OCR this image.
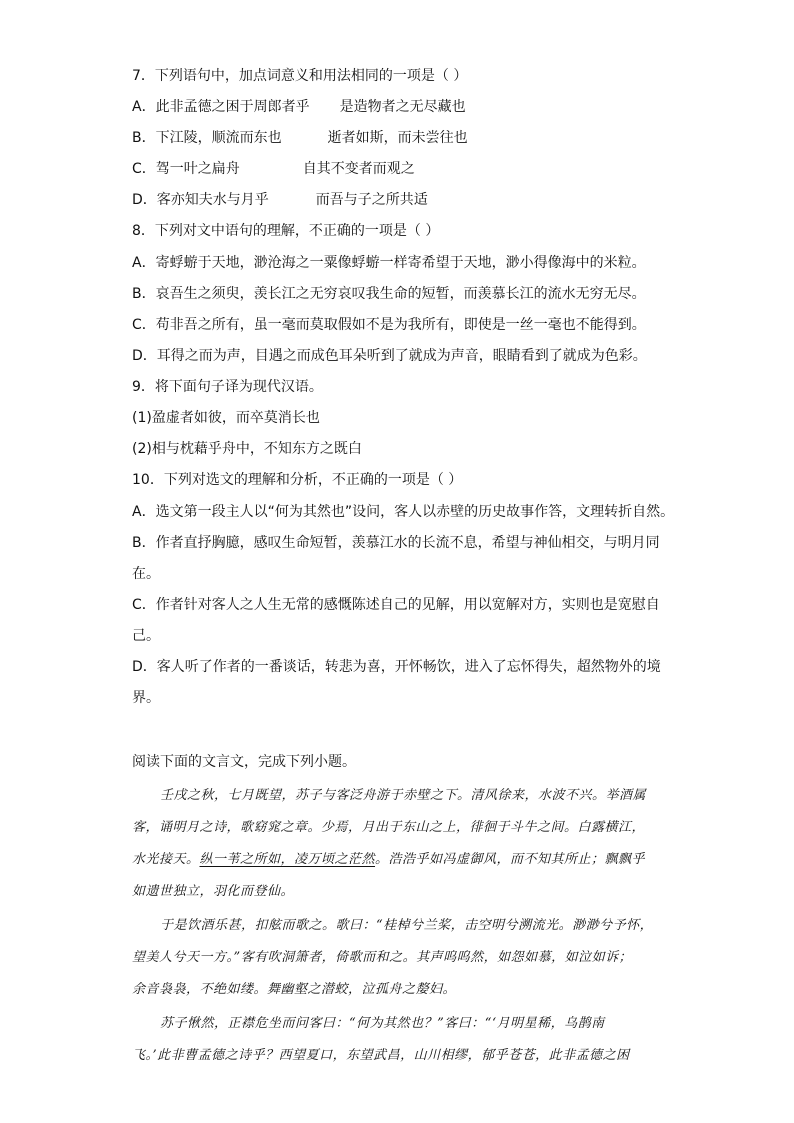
7．下列语句中，加点词意义和用法相同的一项是（ ）
A．此非孟德之困于周郎者乎 是造物者之无尽藏也
B．下江陵，顺流而东也	逝者如斯，而未尝往也
C．驾一叶之扁舟	自其不变者而观之
D．客亦知夫水与月乎	而吾与子之所共适
8．下列对文中语句的理解，不正确的一项是（ ）
A．寄蜉蝣于天地，渺沧海之一粟像蜉蝣一样寄希望于天地，渺小得像海中的米粒。
B．哀吾生之须臾，羡长江之无穷哀叹我生命的短暂，而羡慕长江的流水无穷无尽。
C．苟非吾之所有，虽一毫而莫取假如不是为我所有，即使是一丝一毫也不能得到。
D．耳得之而为声，目遇之而成色耳朵听到了就成为声音，眼睛看到了就成为色彩。
9．将下面句子译为现代汉语。
(1)盈虚者如彼，而卒莫消长也
(2)相与枕藉乎舟中，不知东方之既白
10．下列对选文的理解和分析，不正确的一项是（ ）
A．选文第一段主人以“何为其然也”设问，客人以赤壁的历史故事作答，文理转折自然。
B．作者直抒胸臆，感叹生命短暂，羡慕江水的长流不息，希望与神仙相交，与明月同
在。
C．作者针对客人之人生无常的感慨陈述自己的见解，用以宽解对方，实则也是宽慰自
己。
D．客人听了作者的一番谈话，转悲为喜，开怀畅饮，进入了忘怀得失，超然物外的境
界。
阅读下面的文言文，完成下列小题。
壬戌之秋，七月既望，苏子与客泛舟游于赤壁之下。清风徐来，水波不兴。举酒属
客，诵明月之诗，歌窈窕之章。少焉，月出于东山之上，徘徊于斗牛之间。白露横江，
水光接天。纵一苇之所如，凌万顷之茫然。浩浩乎如冯虚御风，而不知其所止；飘飘乎
如遗世独立，羽化而登仙。
于是饮酒乐甚，扣舷而歌之。歌曰：“桂棹兮兰桨，击空明兮溯流光。渺渺兮予怀，
望美人兮天一方。”客有吹洞箫者，倚歌而和之。其声呜呜然，如怨如慕，如泣如诉；
余音袅袅，不绝如缕。舞幽壑之潜蛟，泣孤舟之嫠妇。
苏子愀然，正襟危坐而问客曰：“何为其然也？”客曰：“‘月明星稀，乌鹊南
飞。’此非曹孟德之诗乎？西望夏口，东望武昌，山川相缪，郁乎苍苍，此非孟德之困
